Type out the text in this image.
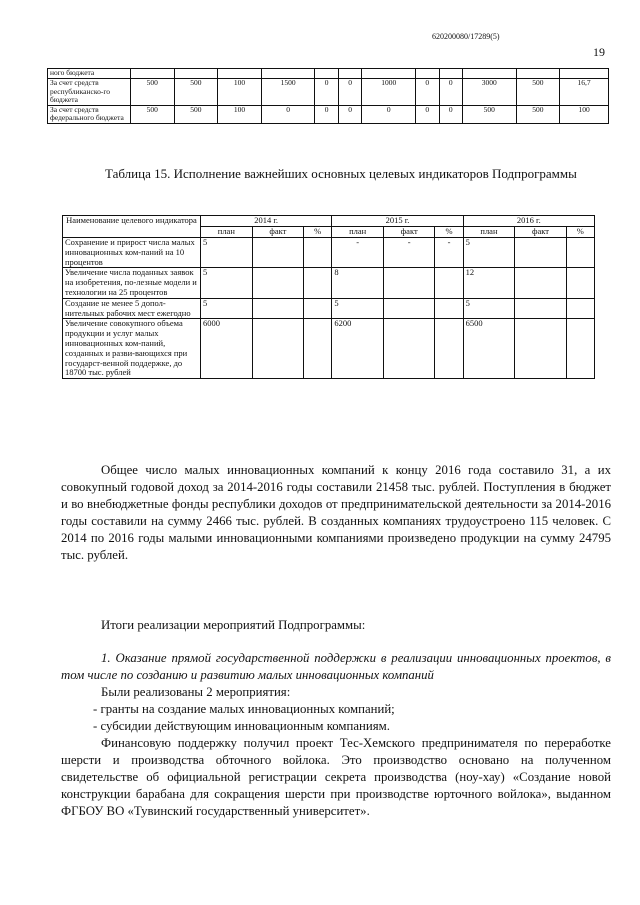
620200080/17289(5)
19
ного бюджета												
За счет средств республиканско-го бюджета	500	500	100	1500	0	0	1000	0	0	3000	500	16,7
За счет средств федерального бюджета	500	500	100	0	0	0	0	0	0	500	500	100
Таблица 15. Исполнение важнейших основных целевых индикаторов Подпрограммы
Наименование целевого индикатора	2014 г.			2015 г.			2016 г.		
	план	факт	%	план	факт	%	план	факт	%
Сохранение и прирост числа малых инновационных ком-паний на 10 процентов	5			-	-	-	5		
Увеличение числа поданных заявок на изобретения, по-лезные модели и технологии на 25 процентов	5			8			12		
Создание не менее 5 допол-нительных рабочих мест ежегодно	5			5			5		
Увеличение совокупного объема продукции и услуг малых инновационных ком-паний, созданных и разви-вающихся при государст-венной поддержке, до 18700 тыс. рублей	6000			6200			6500		
Общее число малых инновационных компаний к концу 2016 года составило 31, а их совокупный годовой доход за 2014-2016 годы составили 21458 тыс. рублей. Поступления в бюджет и во внебюджетные фонды республики доходов от предпринимательской деятельности за 2014-2016 годы составили на сумму 2466 тыс. рублей. В созданных компаниях трудоустроено 115 человек. С 2014 по 2016 годы малыми инновационными компаниями произведено продукции на сумму 24795 тыс. рублей.
Итоги реализации мероприятий Подпрограммы:
1. Оказание прямой государственной поддержки в реализации инновационных проектов, в том числе по созданию и развитию малых инновационных компаний
Были реализованы 2 мероприятия:
- гранты на создание малых инновационных компаний;
- субсидии действующим инновационным компаниям.
Финансовую поддержку получил проект Тес-Хемского предпринимателя по переработке шерсти и производства обточного войлока. Это производство основано на полученном свидетельстве об официальной регистрации секрета производства (ноу-хау) «Создание новой конструкции барабана для сокращения шерсти при производстве юрточного войлока», выданном ФГБОУ ВО «Тувинский государственный университет».
